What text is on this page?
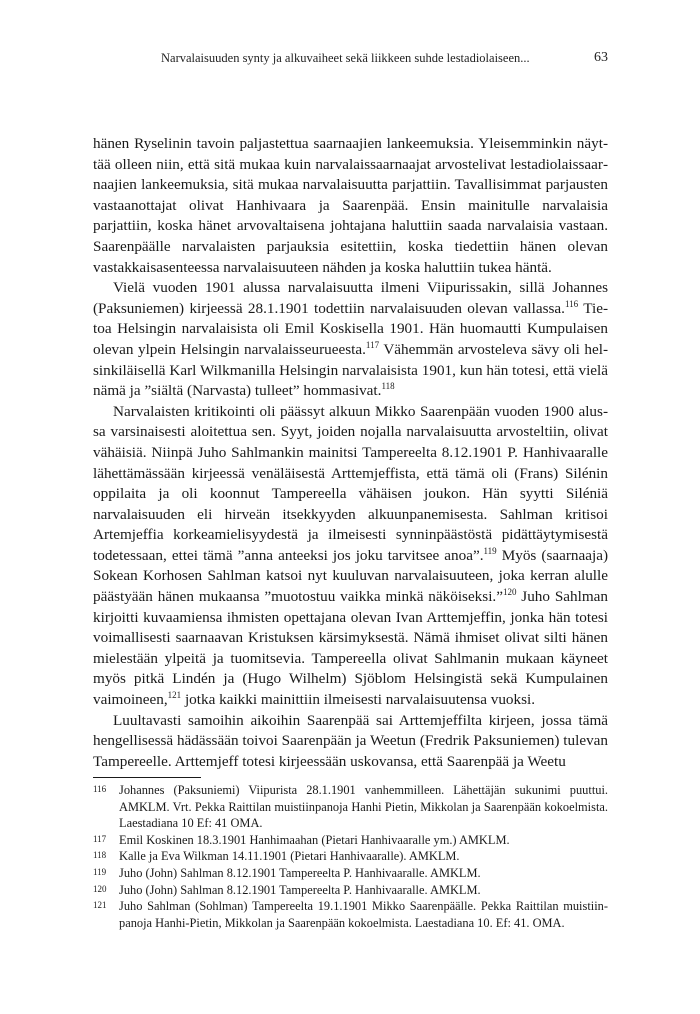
Narvalaisuuden synty ja alkuvaiheet sekä liikkeen suhde lestadiolaiseen...	63

hänen Ryselinin tavoin paljastettua saarnaajien lankeemuksia. Yleisemminkin näyttää olleen niin, että sitä mukaa kuin narvalaissaarnaajat arvostelivat lestadiolaissaarnaajien lankeemuksia, sitä mukaa narvalaisuutta parjattiin. Tavallisimmat parjausten vastaanottajat olivat Hanhivaara ja Saarenpää. Ensin mainitulle narvalaisia parjattiin, koska hänet arvovaltaisena johtajana haluttiin saada narvalaisia vastaan. Saarenpäälle narvalaisten parjauksia esitettiin, koska tiedettiin hänen olevan vastakkaisasenteessa narvalaisuuteen nähden ja koska haluttiin tukea häntä.

Vielä vuoden 1901 alussa narvalaisuutta ilmeni Viipurissakin, sillä Johannes (Paksuniemen) kirjeessä 28.1.1901 todettiin narvalaisuuden olevan vallassa.$^{116}$ Tietoa Helsingin narvalaisista oli Emil Koskisella 1901. Hän huomautti Kumpulaisen olevan ylpein Helsingin narvalaisseurueesta.$^{117}$ Vähemmän arvosteleva sävy oli helsinkiläisellä Karl Wilkmanilla Helsingin narvalaisista 1901, kun hän totesi, että vielä nämä ja ”siältä (Narvasta) tulleet” hommasivat.$^{118}$

Narvalaisten kritikointi oli päässyt alkuun Mikko Saarenpään vuoden 1900 alussa varsinaisesti aloitettua sen. Syyt, joiden nojalla narvalaisuutta arvosteltiin, olivat vähäisiä. Niinpä Juho Sahlmankin mainitsi Tampereelta 8.12.1901 P. Hanhivaaralle lähettämässään kirjeessä venäläisestä Arttemjeffista, että tämä oli (Frans) Silénin oppilaita ja oli koonnut Tampereella vähäisen joukon. Hän syytti Siléniä narvalaisuuden eli hirveän itsekkyyden alkuunpanemisesta. Sahlman kritisoi Artemjeffia korkeamielisyydestä ja ilmeisesti synninpäästöstä pidättäytymisestä todetessaan, ettei tämä ”anna anteeksi jos joku tarvitsee anoa”.$^{119}$ Myös (saarnaaja) Sokean Korhosen Sahlman katsoi nyt kuuluvan narvalaisuuteen, joka kerran alulle päästyään hänen mukaansa ”muotostuu vaikka minkä näköiseksi.”$^{120}$ Juho Sahlman kirjoitti kuvaamiensa ihmisten opettajana olevan Ivan Arttemjeffin, jonka hän totesi voimallisesti saarnaavan Kristuksen kärsimyksestä. Nämä ihmiset olivat silti hänen mielestään ylpeitä ja tuomitsevia. Tampereella olivat Sahlmanin mukaan käyneet myös pitkä Lindén ja (Hugo Wilhelm) Sjöblom Helsingistä sekä Kumpulainen vaimoineen,$^{121}$ jotka kaikki mainittiin ilmeisesti narvalaisuutensa vuoksi.

Luultavasti samoihin aikoihin Saarenpää sai Arttemjeffilta kirjeen, jossa tämä hengellisessä hädässään toivoi Saarenpään ja Weetun (Fredrik Paksuniemen) tulevan Tampereelle. Arttemjeff totesi kirjeessään uskovansa, että Saarenpää ja Weetu

116 Johannes (Paksuniemi) Viipurista 28.1.1901 vanhemmilleen. Lähettäjän sukunimi puuttui. AMKLM. Vrt. Pekka Raittilan muistiinpanoja Hanhi Pietin, Mikkolan ja Saarenpään kokoelmista. Laestadiana 10 Ef: 41 OMA.
117 Emil Koskinen 18.3.1901 Hanhimaahan (Pietari Hanhivaaralle ym.) AMKLM.
118 Kalle ja Eva Wilkman 14.11.1901 (Pietari Hanhivaaralle). AMKLM.
119 Juho (John) Sahlman 8.12.1901 Tampereelta P. Hanhivaaralle. AMKLM.
120 Juho (John) Sahlman 8.12.1901 Tampereelta P. Hanhivaaralle. AMKLM.
121 Juho Sahlman (Sohlman) Tampereelta 19.1.1901 Mikko Saarenpäälle. Pekka Raittilan muistiinpanoja Hanhi-Pietin, Mikkolan ja Saarenpään kokoelmista. Laestadiana 10. Ef: 41. OMA.
